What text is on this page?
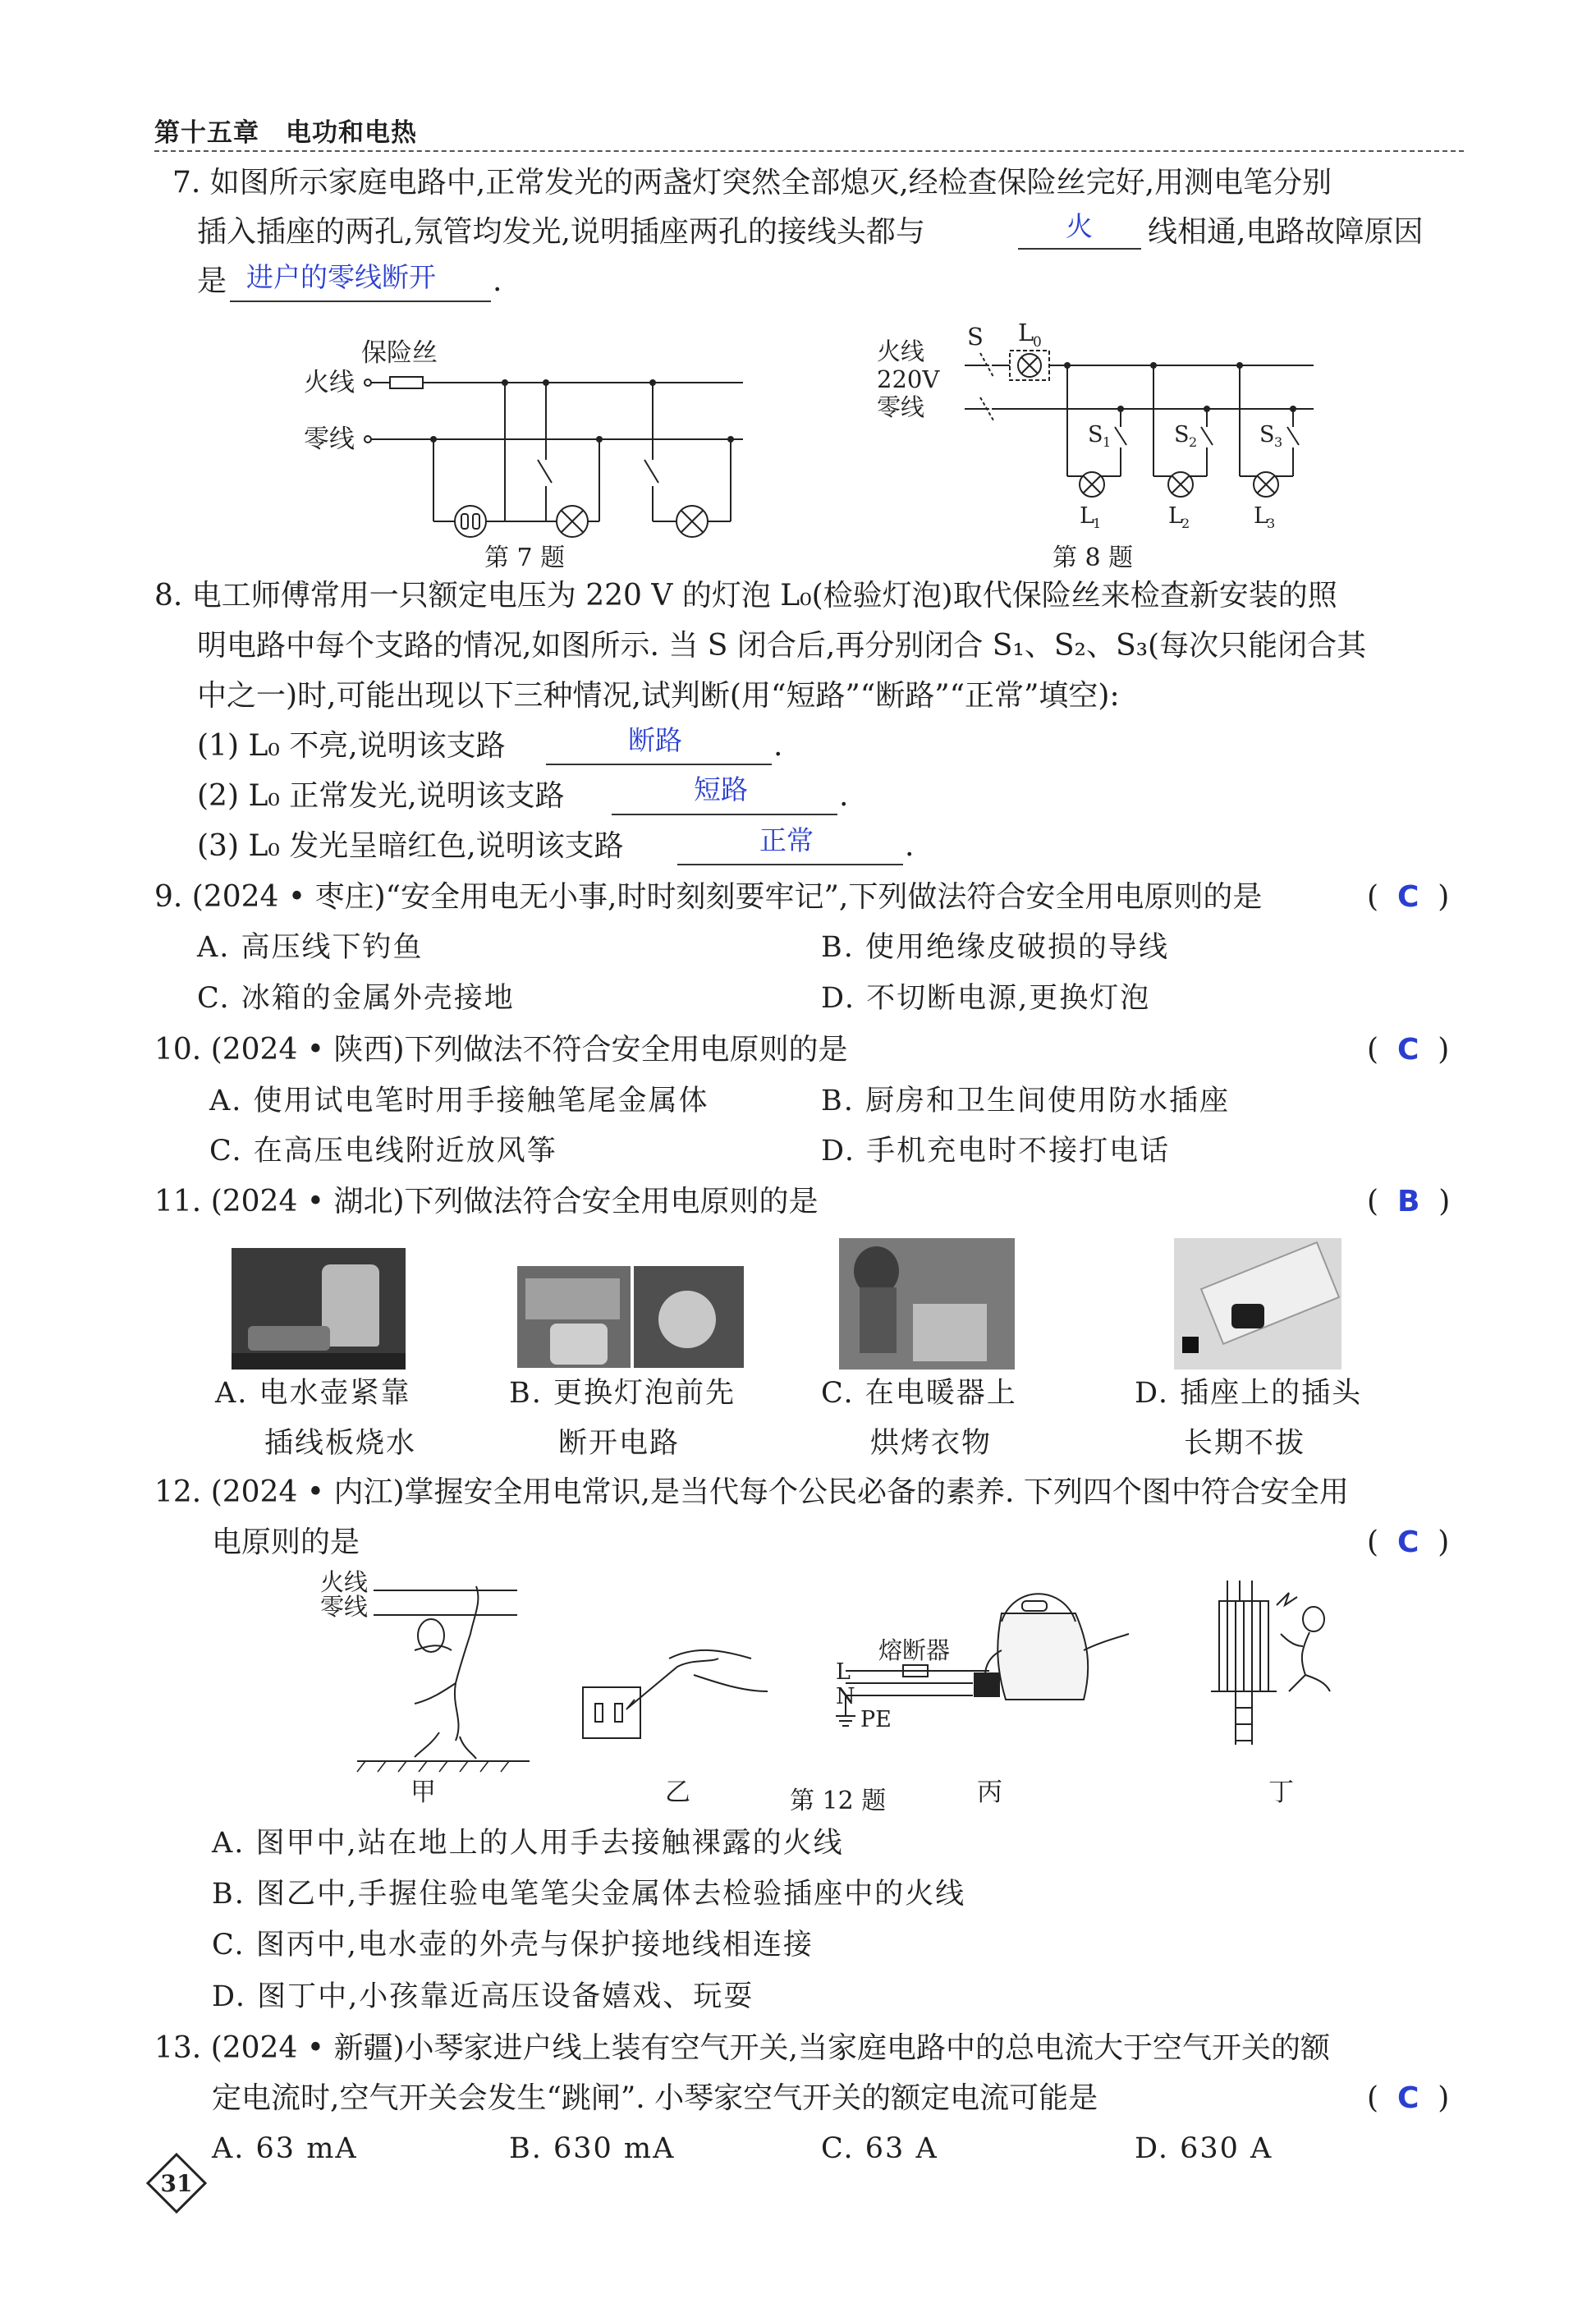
第十五章　电功和电热
7. 如图所示家庭电路中,正常发光的两盏灯突然全部熄灭,经检查保险丝完好,用测电笔分别
插入插座的两孔,氖管均发光,说明插座两孔的接线头都与	火 线相通,电路故障原因
是 进户的零线断开 .
保险丝
火线
零线
第 7 题
火线
220V
零线
S L
0
S 1	S 2	S 3
L
1	L
2	L
3
第 8 题
8. 电工师傅常用一只额定电压为 220 V 的灯泡 L₀(检验灯泡)取代保险丝来检查新安装的照
明电路中每个支路的情况,如图所示. 当 S 闭合后,再分别闭合 S₁、S₂、S₃(每次只能闭合其
中之一)时,可能出现以下三种情况,试判断(用“短路”“断路”“正常”填空):
(1) L₀ 不亮,说明该支路	断路	.
(2) L₀ 正常发光,说明该支路	短路	.
(3) L₀ 发光呈暗红色,说明该支路	正常	.
9. (2024 • 枣庄)“安全用电无小事,时时刻刻要牢记”,下列做法符合安全用电原则的是	(  C  )
A. 高压线下钓鱼	B. 使用绝缘皮破损的导线
C. 冰箱的金属外壳接地	D. 不切断电源,更换灯泡
10. (2024 • 陕西)下列做法不符合安全用电原则的是	(  C  )
A. 使用试电笔时用手接触笔尾金属体	B. 厨房和卫生间使用防水插座
C. 在高压电线附近放风筝	D. 手机充电时不接打电话
11. (2024 • 湖北)下列做法符合安全用电原则的是	(  B  )
A. 电水壶紧靠
插线板烧水
B. 更换灯泡前先
断开电路
C. 在电暖器上
烘烤衣物
D. 插座上的插头
长期不拔
12. (2024 • 内江)掌握安全用电常识,是当代每个公民必备的素养. 下列四个图中符合安全用
电原则的是	(  C  )
火线
零线
熔断器
L
N
PE
甲	乙	丙	丁
第 12 题
A. 图甲中,站在地上的人用手去接触裸露的火线
B. 图乙中,手握住验电笔笔尖金属体去检验插座中的火线
C. 图丙中,电水壶的外壳与保护接地线相连接
D. 图丁中,小孩靠近高压设备嬉戏、玩耍
13. (2024 • 新疆)小琴家进户线上装有空气开关,当家庭电路中的总电流大于空气开关的额
定电流时,空气开关会发生“跳闸”. 小琴家空气开关的额定电流可能是	(  C  )
A. 63 mA	B. 630 mA	C. 63 A	D. 630 A
31
